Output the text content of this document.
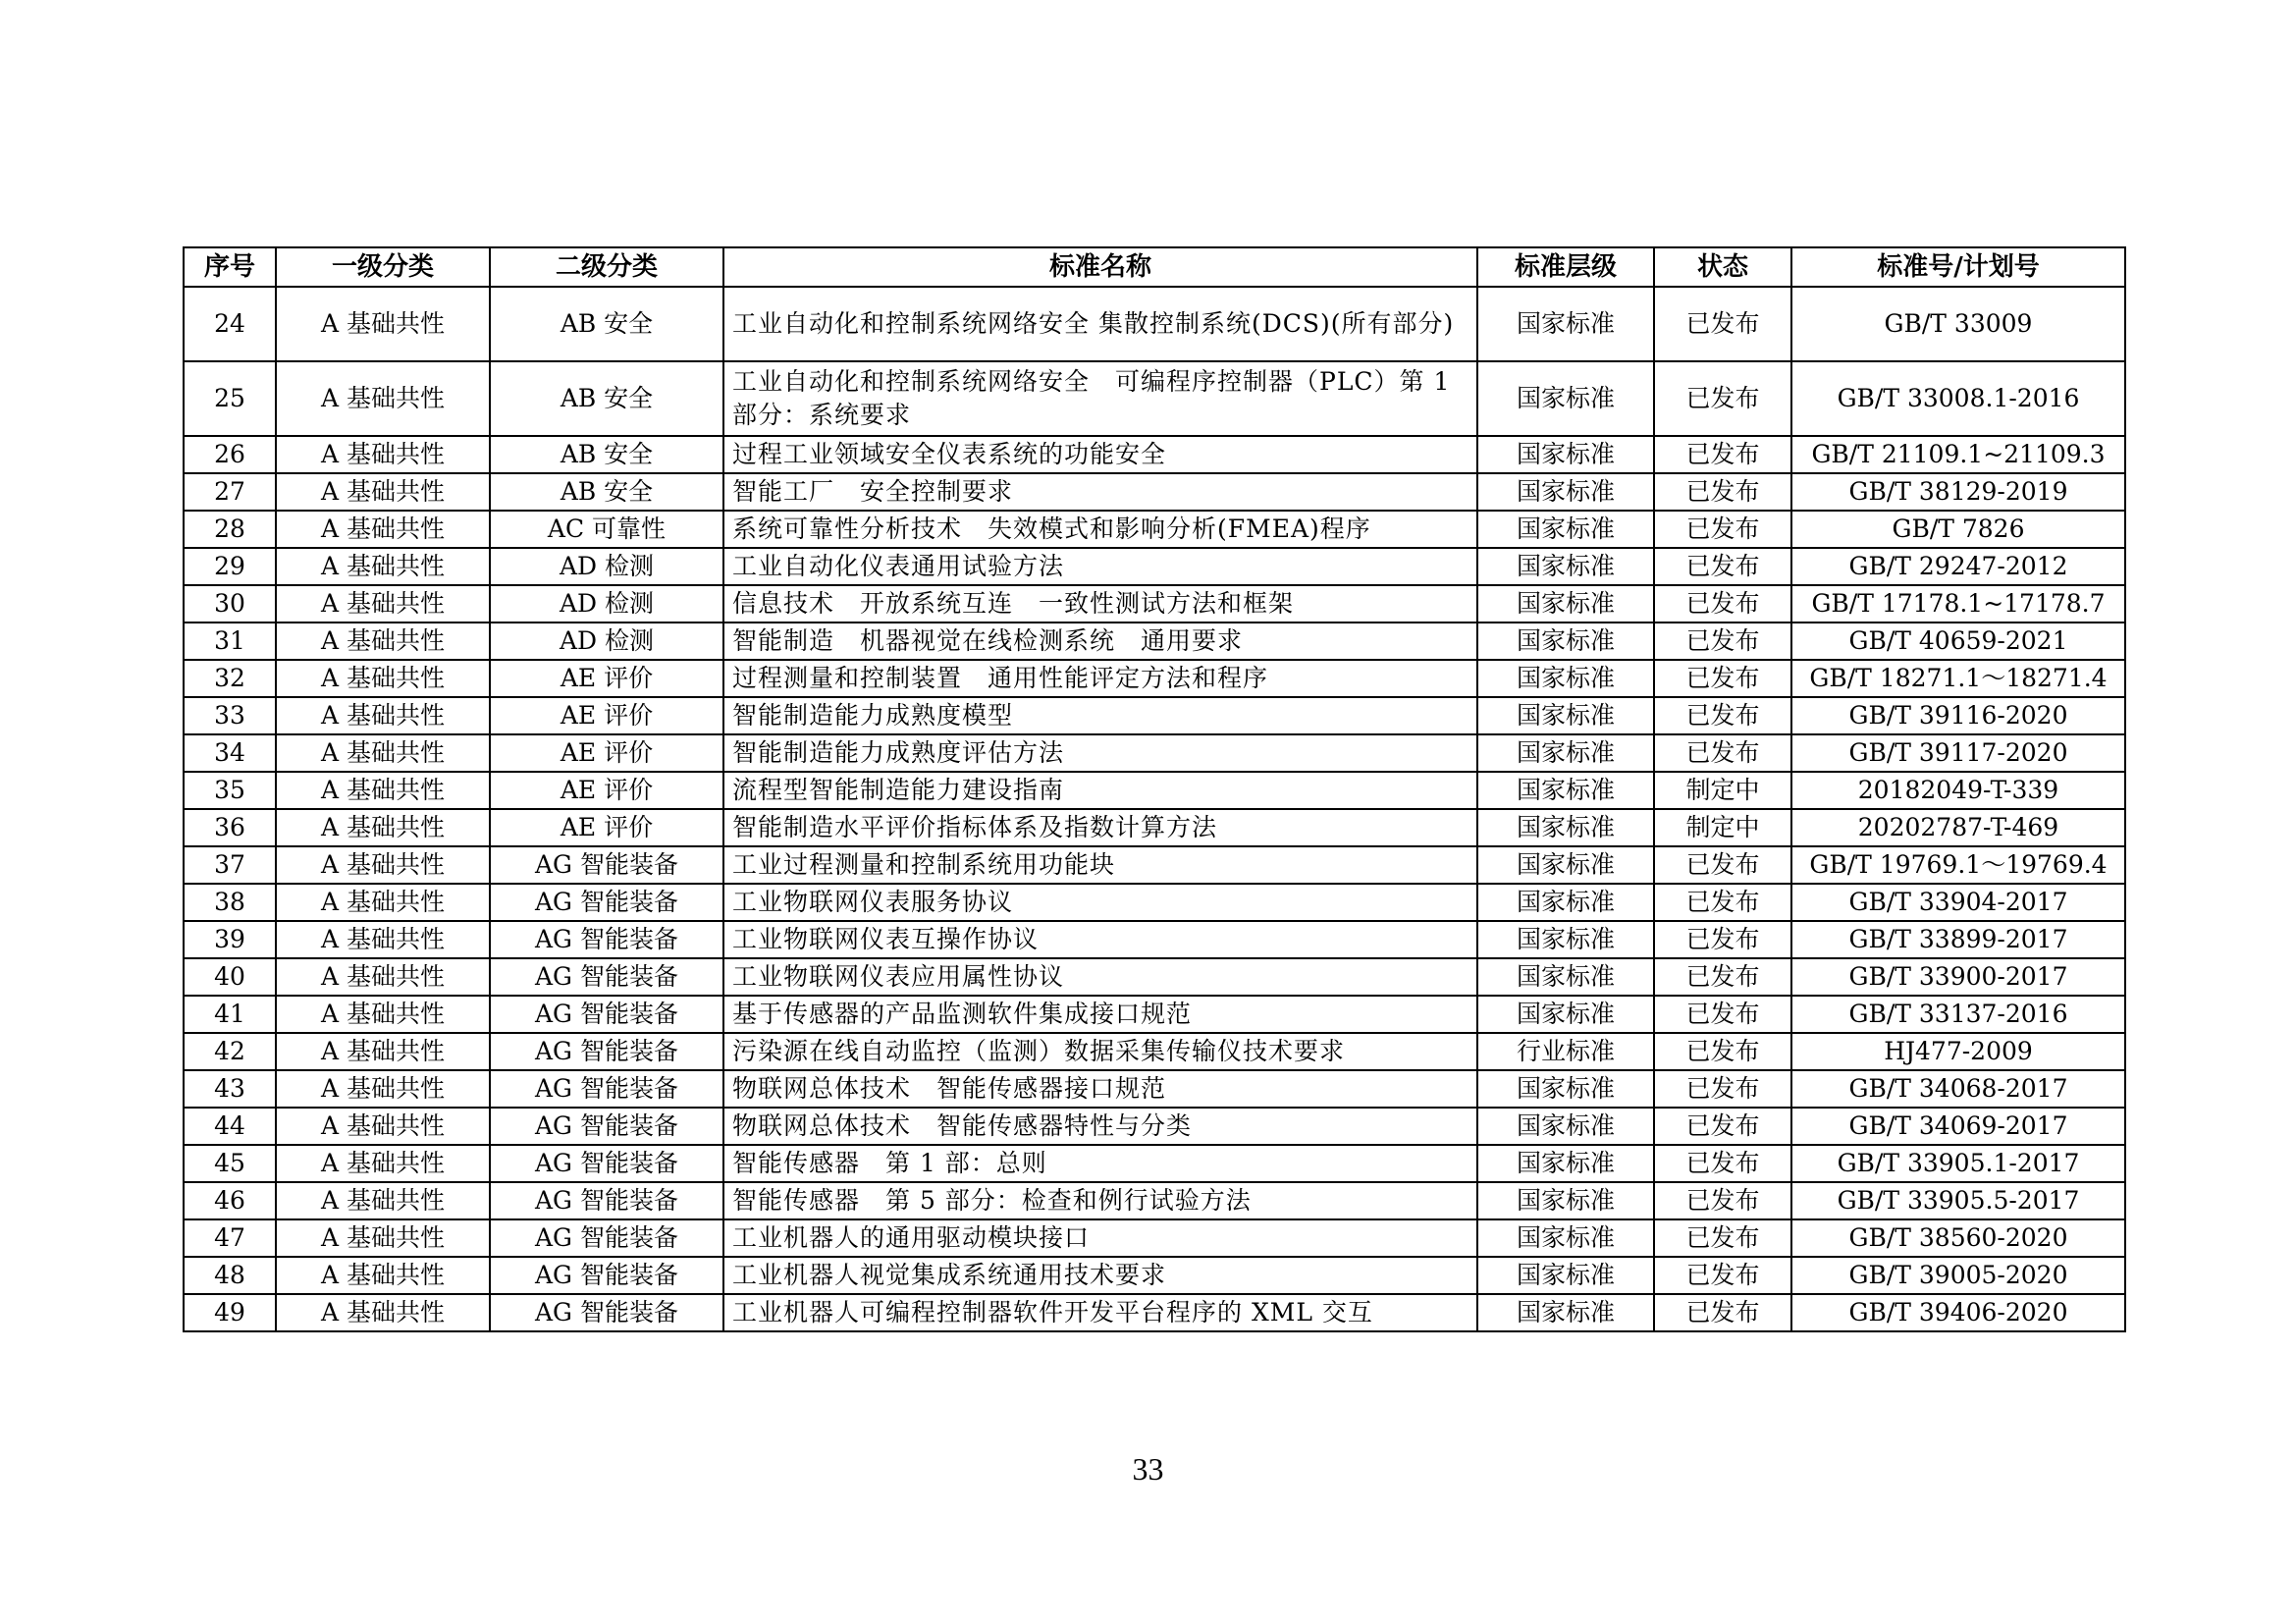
序号	一级分类	二级分类	标准名称	标准层级	状态	标准号/计划号
24	A 基础共性	AB 安全	工业自动化和控制系统网络安全 集散控制系统(DCS)(所有部分)	国家标准	已发布	GB/T 33009
25	A 基础共性	AB 安全	工业自动化和控制系统网络安全　可编程序控制器（PLC）第 1 部分：系统要求	国家标准	已发布	GB/T 33008.1-2016
26	A 基础共性	AB 安全	过程工业领域安全仪表系统的功能安全	国家标准	已发布	GB/T 21109.1~21109.3
27	A 基础共性	AB 安全	智能工厂　安全控制要求	国家标准	已发布	GB/T 38129-2019
28	A 基础共性	AC 可靠性	系统可靠性分析技术　失效模式和影响分析(FMEA)程序	国家标准	已发布	GB/T 7826
29	A 基础共性	AD 检测	工业自动化仪表通用试验方法	国家标准	已发布	GB/T 29247-2012
30	A 基础共性	AD 检测	信息技术　开放系统互连　一致性测试方法和框架	国家标准	已发布	GB/T 17178.1~17178.7
31	A 基础共性	AD 检测	智能制造　机器视觉在线检测系统　通用要求	国家标准	已发布	GB/T 40659-2021
32	A 基础共性	AE 评价	过程测量和控制装置　通用性能评定方法和程序	国家标准	已发布	GB/T 18271.1～18271.4
33	A 基础共性	AE 评价	智能制造能力成熟度模型	国家标准	已发布	GB/T 39116-2020
34	A 基础共性	AE 评价	智能制造能力成熟度评估方法	国家标准	已发布	GB/T 39117-2020
35	A 基础共性	AE 评价	流程型智能制造能力建设指南	国家标准	制定中	20182049-T-339
36	A 基础共性	AE 评价	智能制造水平评价指标体系及指数计算方法	国家标准	制定中	20202787-T-469
37	A 基础共性	AG 智能装备	工业过程测量和控制系统用功能块	国家标准	已发布	GB/T 19769.1～19769.4
38	A 基础共性	AG 智能装备	工业物联网仪表服务协议	国家标准	已发布	GB/T 33904-2017
39	A 基础共性	AG 智能装备	工业物联网仪表互操作协议	国家标准	已发布	GB/T 33899-2017
40	A 基础共性	AG 智能装备	工业物联网仪表应用属性协议	国家标准	已发布	GB/T 33900-2017
41	A 基础共性	AG 智能装备	基于传感器的产品监测软件集成接口规范	国家标准	已发布	GB/T 33137-2016
42	A 基础共性	AG 智能装备	污染源在线自动监控（监测）数据采集传输仪技术要求	行业标准	已发布	HJ477-2009
43	A 基础共性	AG 智能装备	物联网总体技术　智能传感器接口规范	国家标准	已发布	GB/T 34068-2017
44	A 基础共性	AG 智能装备	物联网总体技术　智能传感器特性与分类	国家标准	已发布	GB/T 34069-2017
45	A 基础共性	AG 智能装备	智能传感器　第 1 部：总则	国家标准	已发布	GB/T 33905.1-2017
46	A 基础共性	AG 智能装备	智能传感器　第 5 部分：检查和例行试验方法	国家标准	已发布	GB/T 33905.5-2017
47	A 基础共性	AG 智能装备	工业机器人的通用驱动模块接口	国家标准	已发布	GB/T 38560-2020
48	A 基础共性	AG 智能装备	工业机器人视觉集成系统通用技术要求	国家标准	已发布	GB/T 39005-2020
49	A 基础共性	AG 智能装备	工业机器人可编程控制器软件开发平台程序的 XML 交互	国家标准	已发布	GB/T 39406-2020
33
